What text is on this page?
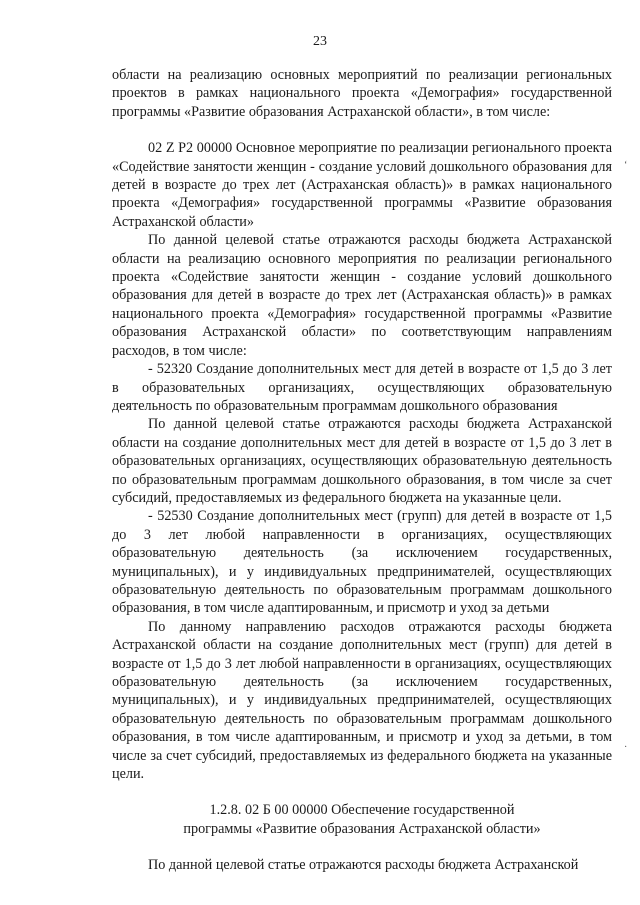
23

области на реализацию основных мероприятий по реализации региональных проектов в рамках национального проекта «Демография» государственной программы «Развитие образования Астраханской области», в том числе:

02 Z P2 00000 Основное мероприятие по реализации регионального проекта «Содействие занятости женщин - создание условий дошкольного образования для детей в возрасте до трех лет (Астраханская область)» в рамках национального проекта «Демография» государственной программы «Развитие образования Астраханской области»

По данной целевой статье отражаются расходы бюджета Астраханской области на реализацию основного мероприятия по реализации регионального проекта «Содействие занятости женщин - создание условий дошкольного образования для детей в возрасте до трех лет (Астраханская область)» в рамках национального проекта «Демография» государственной программы «Развитие образования Астраханской области» по соответствующим направлениям расходов, в том числе:

- 52320 Создание дополнительных мест для детей в возрасте от 1,5 до 3 лет в образовательных организациях, осуществляющих образовательную деятельность по образовательным программам дошкольного образования

По данной целевой статье отражаются расходы бюджета Астраханской области на создание дополнительных мест для детей в возрасте от 1,5 до 3 лет в образовательных организациях, осуществляющих образовательную деятельность по образовательным программам дошкольного образования, в том числе за счет субсидий, предоставляемых из федерального бюджета на указанные цели.

- 52530 Создание дополнительных мест (групп) для детей в возрасте от 1,5 до 3 лет любой направленности в организациях, осуществляющих образовательную деятельность (за исключением государственных, муниципальных), и у индивидуальных предпринимателей, осуществляющих образовательную деятельность по образовательным программам дошкольного образования, в том числе адаптированным, и присмотр и уход за детьми

По данному направлению расходов отражаются расходы бюджета Астраханской области на создание дополнительных мест (групп) для детей в возрасте от 1,5 до 3 лет любой направленности в организациях, осуществляющих образовательную деятельность (за исключением государственных, муниципальных), и у индивидуальных предпринимателей, осуществляющих образовательную деятельность по образовательным программам дошкольного образования, в том числе адаптированным, и присмотр и уход за детьми, в том числе за счет субсидий, предоставляемых из федерального бюджета на указанные цели.

1.2.8. 02 Б 00 00000 Обеспечение государственной

программы «Развитие образования Астраханской области»

По данной целевой статье отражаются расходы бюджета Астраханской

‘
·
